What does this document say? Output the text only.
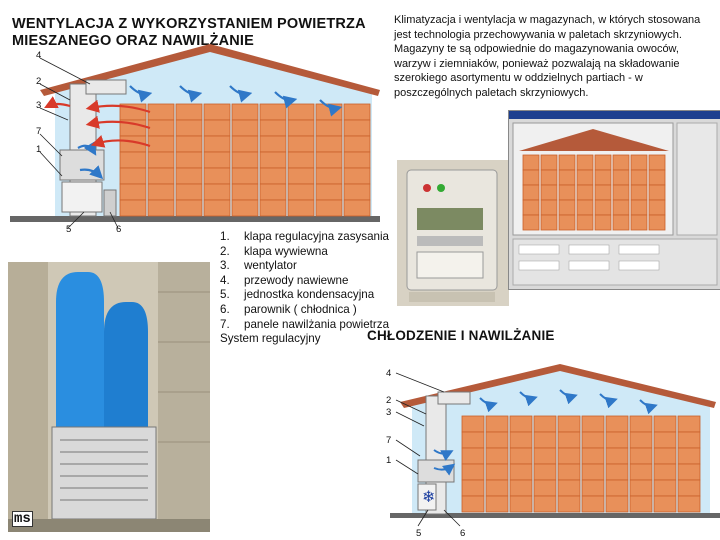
WENTYLACJA Z WYKORZYSTANIEM POWIETRZA
MIESZANEGO ORAZ NAWILŻANIE
4
2
3
7
1
5	6
Klimatyzacja i wentylacja w magazynach, w których stosowana jest technologia przechowywania w paletach skrzyniowych. Magazyny te są odpowiednie do magazynowania owoców, warzyw i ziemniaków, ponieważ pozwalają na składowanie szerokiego asortymentu w oddzielnych partiach - w poszczególnych paletach skrzyniowych.
ms
1.	klapa regulacyjna zasysania
2.	klapa wywiewna
3.	wentylator
4.	przewody nawiewne
5.	jednostka kondensacyjna
6.	parownik ( chłodnica )
7.	panele nawilżania powietrza
System regulacyjny	CHŁODZENIE I NAWILŻANIE
❄
4
2
3
7
1
5	6
